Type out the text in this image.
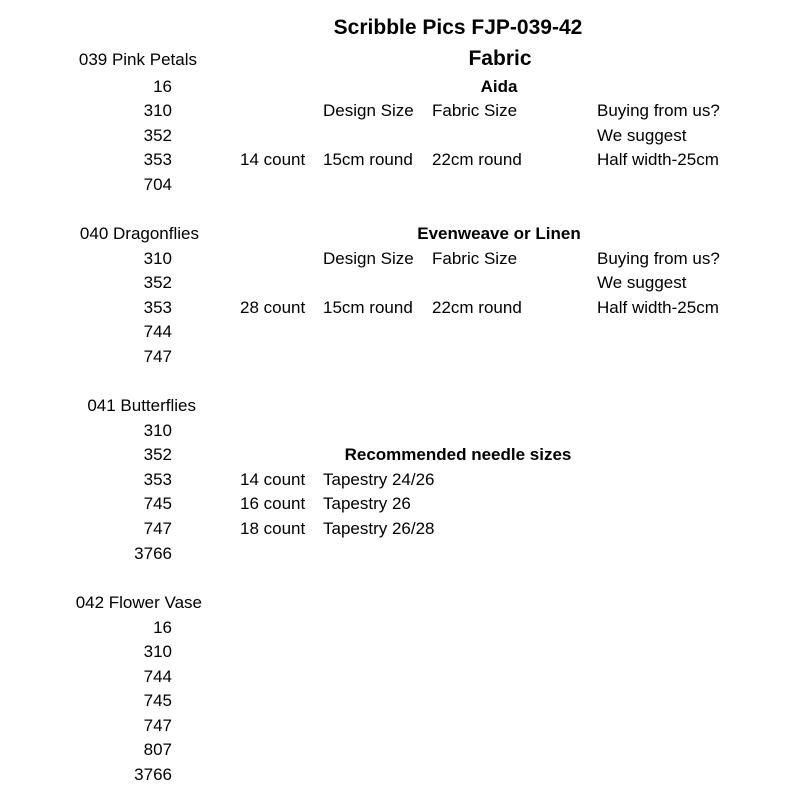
Scribble Pics FJP-039-42
Fabric
039 Pink Petals
16
310
352
353
704
040 Dragonflies
310
352
353
744
747
041 Butterflies
310
352
353
745
747
3766
042 Flower Vase
16
310
744
745
747
807
3766
Aida
Design Size Fabric Size	Buying from us?
We suggest
14 count 15cm round 22cm round	Half width-25cm
Evenweave or Linen
Design Size Fabric Size	Buying from us?
We suggest
28 count 15cm round 22cm round	Half width-25cm
Recommended needle sizes
14 count Tapestry 24/26
16 count Tapestry 26
18 count Tapestry 26/28
